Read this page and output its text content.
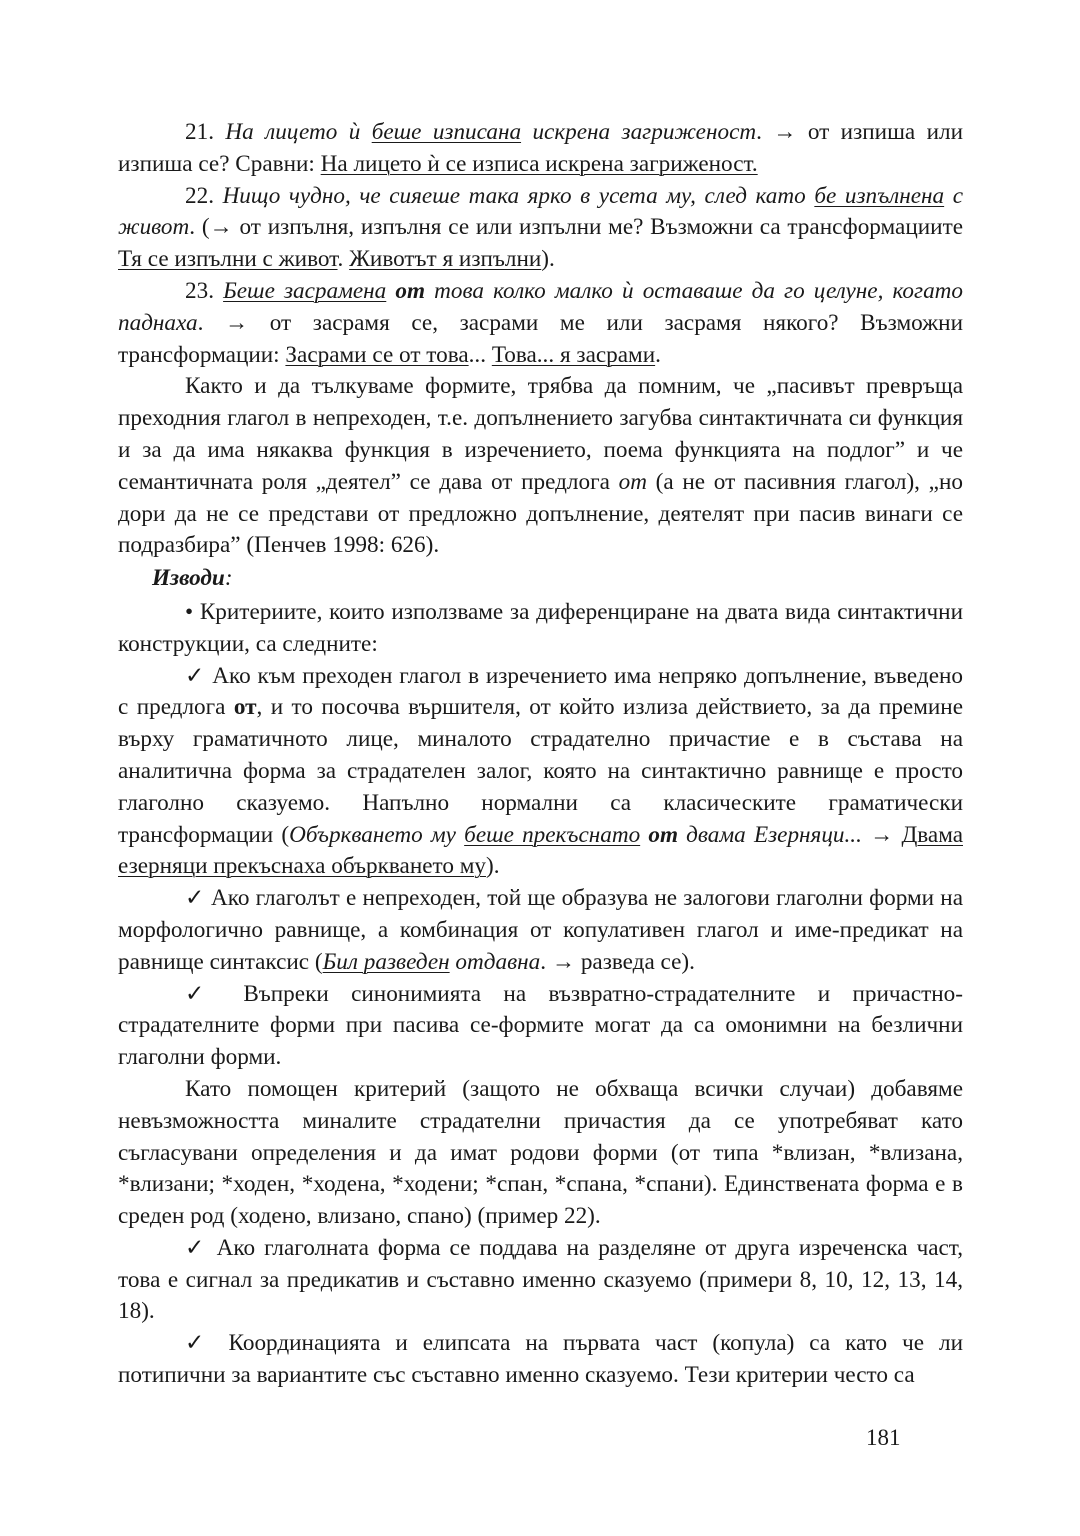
21. На лицето ѝ беше изписана искрена загриженост. → от изпиша или изпиша се? Сравни: На лицето ѝ се изписа искрена загриженост.

22. Нищо чудно, че сияеше така ярко в усета му, след като бе изпълнена с живот. (→ от изпълня, изпълня се или изпълни ме? Възможни са трансформациите Тя се изпълни с живот. Животът я изпълни).

23. Беше засрамена от това колко малко ѝ оставаше да го целуне, когато паднаха. → от засрамя се, засрами ме или засрамя някого? Възможни трансформации: Засрами се от това... Това... я засрами.

Както и да тълкуваме формите, трябва да помним, че „пасивът превръща преходния глагол в непреходен, т.е. допълнението загубва синтактичната си функция и за да има някаква функция в изречението, поема функцията на подлог” и че семантичната роля „деятел” се дава от предлога от (а не от пасивния глагол), „но дори да не се представи от предложно допълнение, деятелят при пасив винаги се подразбира” (Пенчев 1998: 626).

Изводи:

• Критериите, които използваме за диференциране на двата вида синтактични конструкции, са следните:

✓ Ако към преходен глагол в изречението има непряко допълнение, въведено с предлога от, и то посочва вършителя, от който излиза действието, за да премине върху граматичното лице, миналото страдателно причастие е в състава на аналитична форма за страдателен залог, която на синтактично равнище е просто глаголно сказуемо. Напълно нормални са класическите граматически трансформации (Объркването му беше прекъснато от двама Езерняци... → Двама езерняци прекъснаха объркването му).

✓ Ако глаголът е непреходен, той ще образува не залогови глаголни форми на морфологично равнище, а комбинация от копулативен глагол и име-предикат на равнище синтаксис (Бил разведен отдавна. → разведа се).

✓ Въпреки синонимията на възвратно-страдателните и причастно-страдателните форми при пасива се-формите могат да са омонимни на безлични глаголни форми.

Като помощен критерий (защото не обхваща всички случаи) добавяме невъзможността миналите страдателни причастия да се употребяват като съгласувани определения и да имат родови форми (от типа *влизан, *влизана, *влизани; *ходен, *ходена, *ходени; *спан, *спана, *спани). Единствената форма е в среден род (ходено, влизано, спано) (пример 22).

✓ Ако глаголната форма се поддава на разделяне от друга изреченска част, това е сигнал за предикатив и съставно именно сказуемо (примери 8, 10, 12, 13, 14, 18).

✓ Координацията и елипсата на първата част (копула) са като че ли потипични за вариантите със съставно именно сказуемо. Тези критерии често са

181
